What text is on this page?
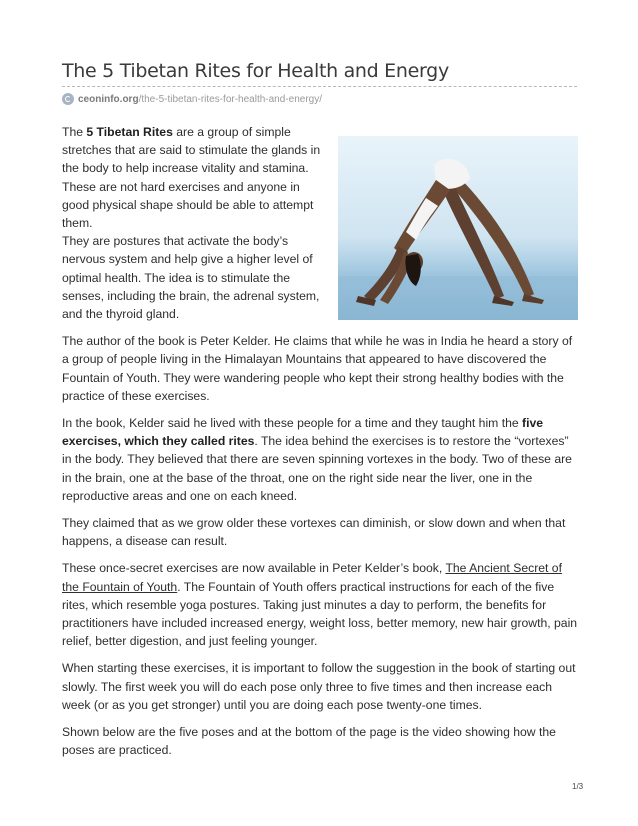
The 5 Tibetan Rites for Health and Energy
ceoninfo.org/the-5-tibetan-rites-for-health-and-energy/

The 5 Tibetan Rites are a group of simple stretches that are said to stimulate the glands in the body to help increase vitality and stamina. These are not hard exercises and anyone in good physical shape should be able to attempt them.

They are postures that activate the body’s nervous system and help give a higher level of optimal health. The idea is to stimulate the senses, including the brain, the adrenal system, and the thyroid gland.

The author of the book is Peter Kelder. He claims that while he was in India he heard a story of a group of people living in the Himalayan Mountains that appeared to have discovered the Fountain of Youth. They were wandering people who kept their strong healthy bodies with the practice of these exercises.

In the book, Kelder said he lived with these people for a time and they taught him the five exercises, which they called rites. The idea behind the exercises is to restore the “vortexes” in the body. They believed that there are seven spinning vortexes in the body. Two of these are in the brain, one at the base of the throat, one on the right side near the liver, one in the reproductive areas and one on each kneed.

They claimed that as we grow older these vortexes can diminish, or slow down and when that happens, a disease can result.

These once-secret exercises are now available in Peter Kelder’s book, The Ancient Secret of the Fountain of Youth. The Fountain of Youth offers practical instructions for each of the five rites, which resemble yoga postures. Taking just minutes a day to perform, the benefits for practitioners have included increased energy, weight loss, better memory, new hair growth, pain relief, better digestion, and just feeling younger.

When starting these exercises, it is important to follow the suggestion in the book of starting out slowly. The first week you will do each pose only three to five times and then increase each week (or as you get stronger) until you are doing each pose twenty-one times.

Shown below are the five poses and at the bottom of the page is the video showing how the poses are practiced.

1/3
